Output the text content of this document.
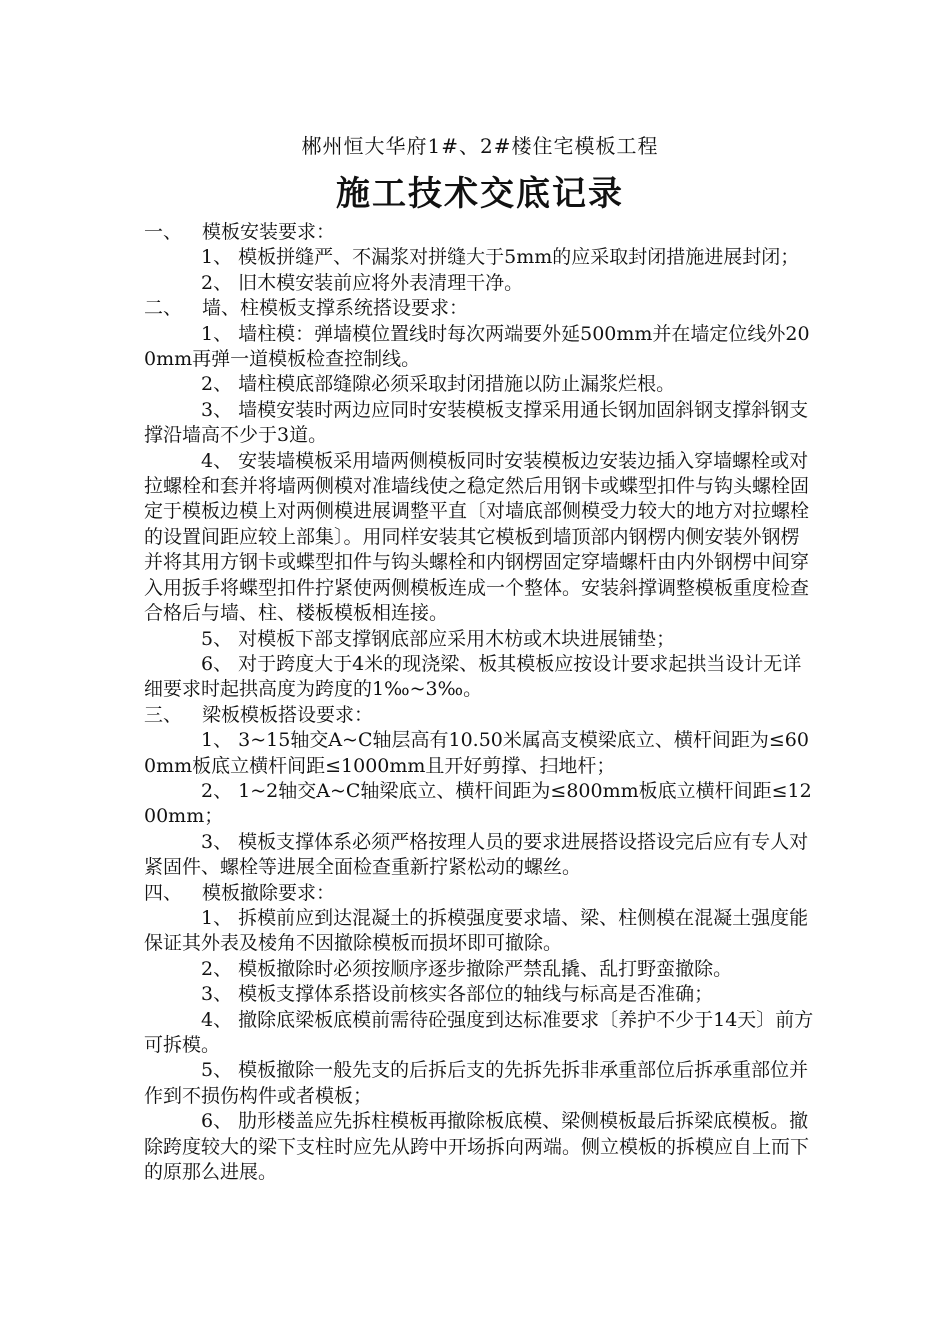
郴州恒大华府1#、2#楼住宅模板工程
施工技术交底记录

一、 模板安装要求：

1、 模板拼缝严、不漏浆对拼缝大于5mm的应采取封闭措施进展封闭；

2、 旧木模安装前应将外表清理干净。

二、 墙、柱模板支撑系统搭设要求：

1、 墙柱模：弹墙模位置线时每次两端要外延500mm并在墙定位线外200mm再弹一道模板检查控制线。

2、 墙柱模底部缝隙必须采取封闭措施以防止漏浆烂根。

3、 墙模安装时两边应同时安装模板支撑采用通长钢加固斜钢支撑斜钢支撑沿墙高不少于3道。

4、 安装墙模板采用墙两侧模板同时安装模板边安装边插入穿墙螺栓或对拉螺栓和套并将墙两侧模对准墙线使之稳定然后用钢卡或蝶型扣件与钩头螺栓固定于模板边模上对两侧模进展调整平直〔对墙底部侧模受力较大的地方对拉螺栓的设置间距应较上部集〕。用同样安装其它模板到墙顶部内钢楞内侧安装外钢楞并将其用方钢卡或蝶型扣件与钩头螺栓和内钢楞固定穿墙螺杆由内外钢楞中间穿入用扳手将蝶型扣件拧紧使两侧模板连成一个整体。安装斜撑调整模板重度检查合格后与墙、柱、楼板模板相连接。

5、 对模板下部支撑钢底部应采用木枋或木块进展铺垫；

6、 对于跨度大于4米的现浇梁、板其模板应按设计要求起拱当设计无详细要求时起拱高度为跨度的1‰~3‰。

三、 梁板模板搭设要求：

1、 3~15轴交A~C轴层高有10.50米属高支模梁底立、横杆间距为≤600mm板底立横杆间距≤1000mm且开好剪撑、扫地杆；

2、 1~2轴交A~C轴梁底立、横杆间距为≤800mm板底立横杆间距≤1200mm；

3、 模板支撑体系必须严格按理人员的要求进展搭设搭设完后应有专人对紧固件、螺栓等进展全面检查重新拧紧松动的螺丝。

四、 模板撤除要求：

1、 拆模前应到达混凝土的拆模强度要求墙、梁、柱侧模在混凝土强度能保证其外表及棱角不因撤除模板而损坏即可撤除。

2、 模板撤除时必须按顺序逐步撤除严禁乱撬、乱打野蛮撤除。

3、 模板支撑体系搭设前核实各部位的轴线与标高是否准确；

4、 撤除底梁板底模前需待砼强度到达标准要求〔养护不少于14天〕前方可拆模。

5、 模板撤除一般先支的后拆后支的先拆先拆非承重部位后拆承重部位并作到不损伤构件或者模板；

6、 肋形楼盖应先拆柱模板再撤除板底模、梁侧模板最后拆梁底模板。撤除跨度较大的梁下支柱时应先从跨中开场拆向两端。侧立模板的拆模应自上而下的原那么进展。
